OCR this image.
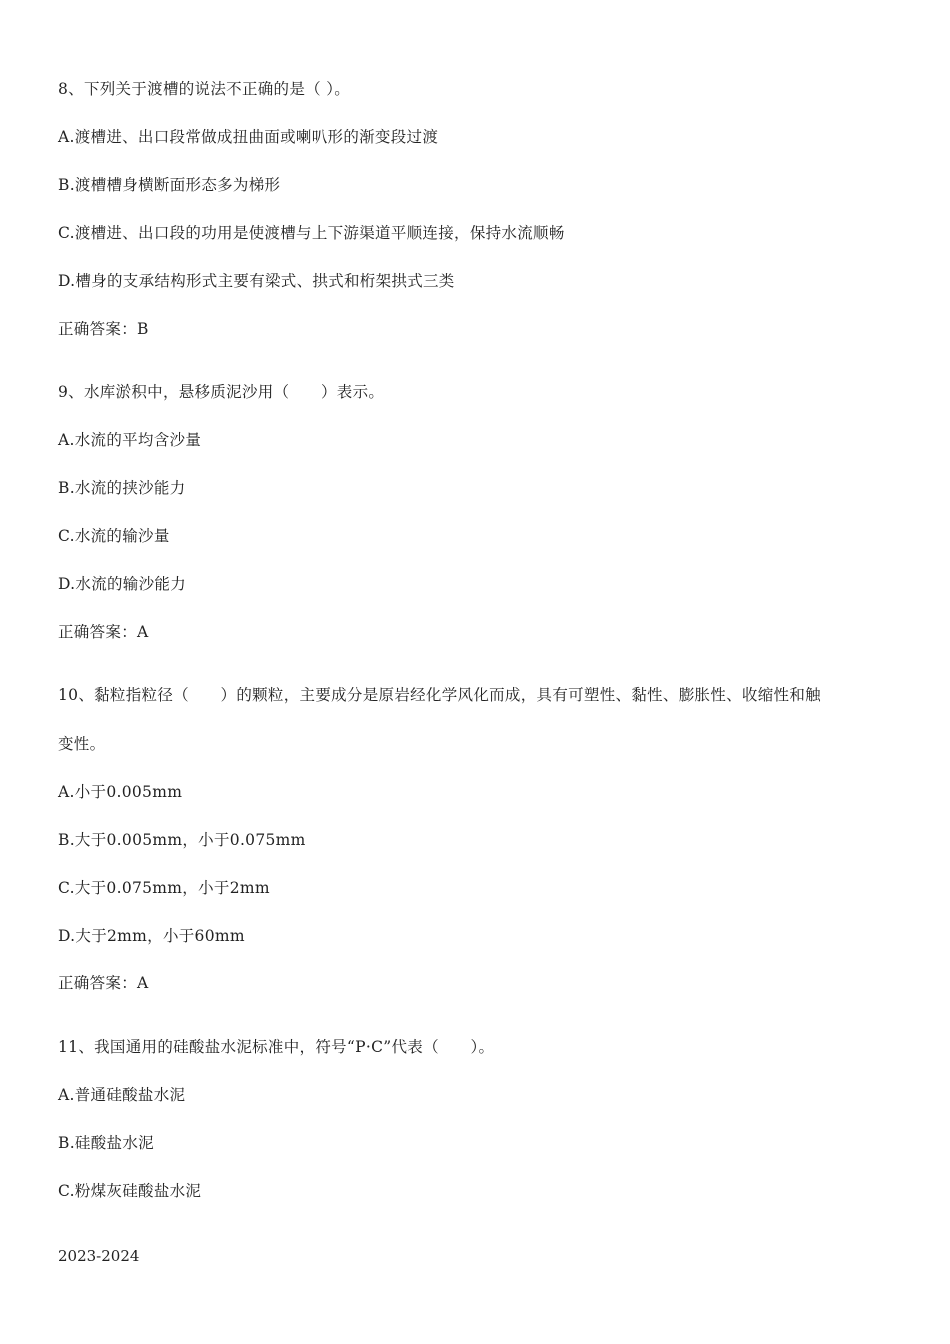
8、下列关于渡槽的说法不正确的是（ ）。
A.渡槽进、出口段常做成扭曲面或喇叭形的渐变段过渡
B.渡槽槽身横断面形态多为梯形
C.渡槽进、出口段的功用是使渡槽与上下游渠道平顺连接，保持水流顺畅
D.槽身的支承结构形式主要有梁式、拱式和桁架拱式三类
正确答案：B
9、水库淤积中，悬移质泥沙用（　　）表示。
A.水流的平均含沙量
B.水流的挟沙能力
C.水流的输沙量
D.水流的输沙能力
正确答案：A
10、黏粒指粒径（　　）的颗粒，主要成分是原岩经化学风化而成，具有可塑性、黏性、膨胀性、收缩性和触
变性。
A.小于0.005mm
B.大于0.005mm，小于0.075mm
C.大于0.075mm，小于2mm
D.大于2mm，小于60mm
正确答案：A
11、我国通用的硅酸盐水泥标准中，符号“P·C”代表（　　）。
A.普通硅酸盐水泥
B.硅酸盐水泥
C.粉煤灰硅酸盐水泥
2023-2024
